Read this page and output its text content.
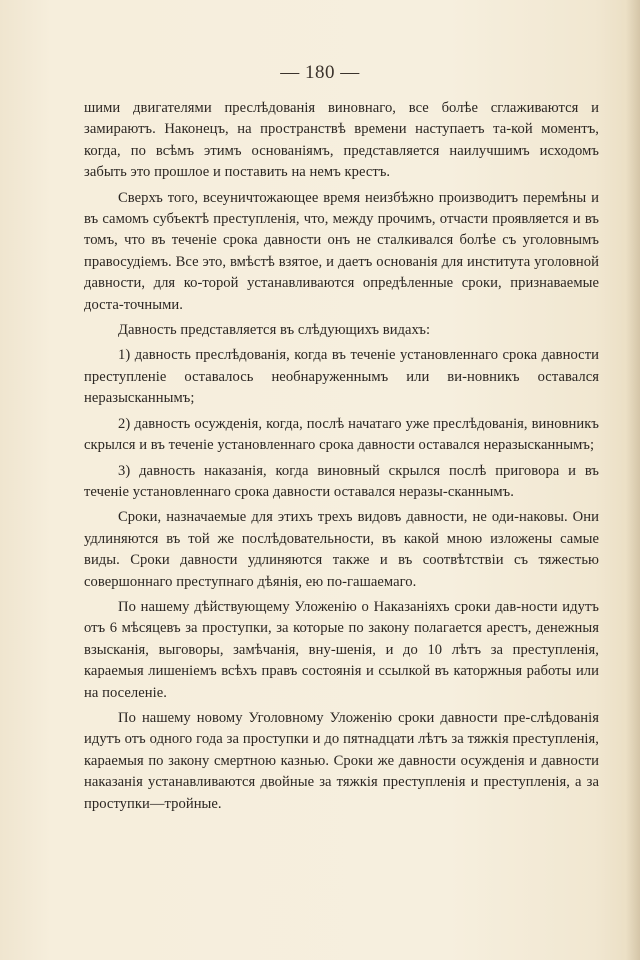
— 180 —

шими двигателями преслѣдованія виновнаго, все болѣе сглаживаются и замираютъ. Наконецъ, на пространствѣ времени наступаетъ та-кой моментъ, когда, по всѣмъ этимъ основаніямъ, представляется наилучшимъ исходомъ забыть это прошлое и поставить на немъ крестъ.

Сверхъ того, всеуничтожающее время неизбѣжно производитъ перемѣны и въ самомъ субъектѣ преступленія, что, между прочимъ, отчасти проявляется и въ томъ, что въ теченіе срока давности онъ не сталкивался болѣе съ уголовнымъ правосудіемъ. Все это, вмѣстѣ взятое, и даетъ основанія для института уголовной давности, для ко-торой устанавливаются опредѣленные сроки, признаваемые доста-точными.

Давность представляется въ слѣдующихъ видахъ:

1) давность преслѣдованія, когда въ теченіе установленнаго срока давности преступленіе оставалось необнаруженнымъ или ви-новникъ оставался неразысканнымъ;

2) давность осужденія, когда, послѣ начатаго уже преслѣдованія, виновникъ скрылся и въ теченіе установленнаго срока давности оставался неразысканнымъ;

3) давность наказанія, когда виновный скрылся послѣ приговора и въ теченіе установленнаго срока давности оставался неразы-сканнымъ.

Сроки, назначаемые для этихъ трехъ видовъ давности, не оди-наковы. Они удлиняются въ той же послѣдовательности, въ какой мною изложены самые виды. Сроки давности удлиняются также и въ соотвѣтствіи съ тяжестью совершоннаго преступнаго дѣянія, ею по-гашаемаго.

По нашему дѣйствующему Уложенію о Наказаніяхъ сроки дав-ности идутъ отъ 6 мѣсяцевъ за проступки, за которые по закону полагается арестъ, денежныя взысканія, выговоры, замѣчанія, вну-шенія, и до 10 лѣтъ за преступленія, караемыя лишеніемъ всѣхъ правъ состоянія и ссылкой въ каторжныя работы или на поселеніе.

По нашему новому Уголовному Уложенію сроки давности пре-слѣдованія идутъ отъ одного года за проступки и до пятнадцати лѣтъ за тяжкія преступленія, караемыя по закону смертною казнью. Сроки же давности осужденія и давности наказанія устанавливаются двойные за тяжкія преступленія и преступленія, а за проступки—тройные.
